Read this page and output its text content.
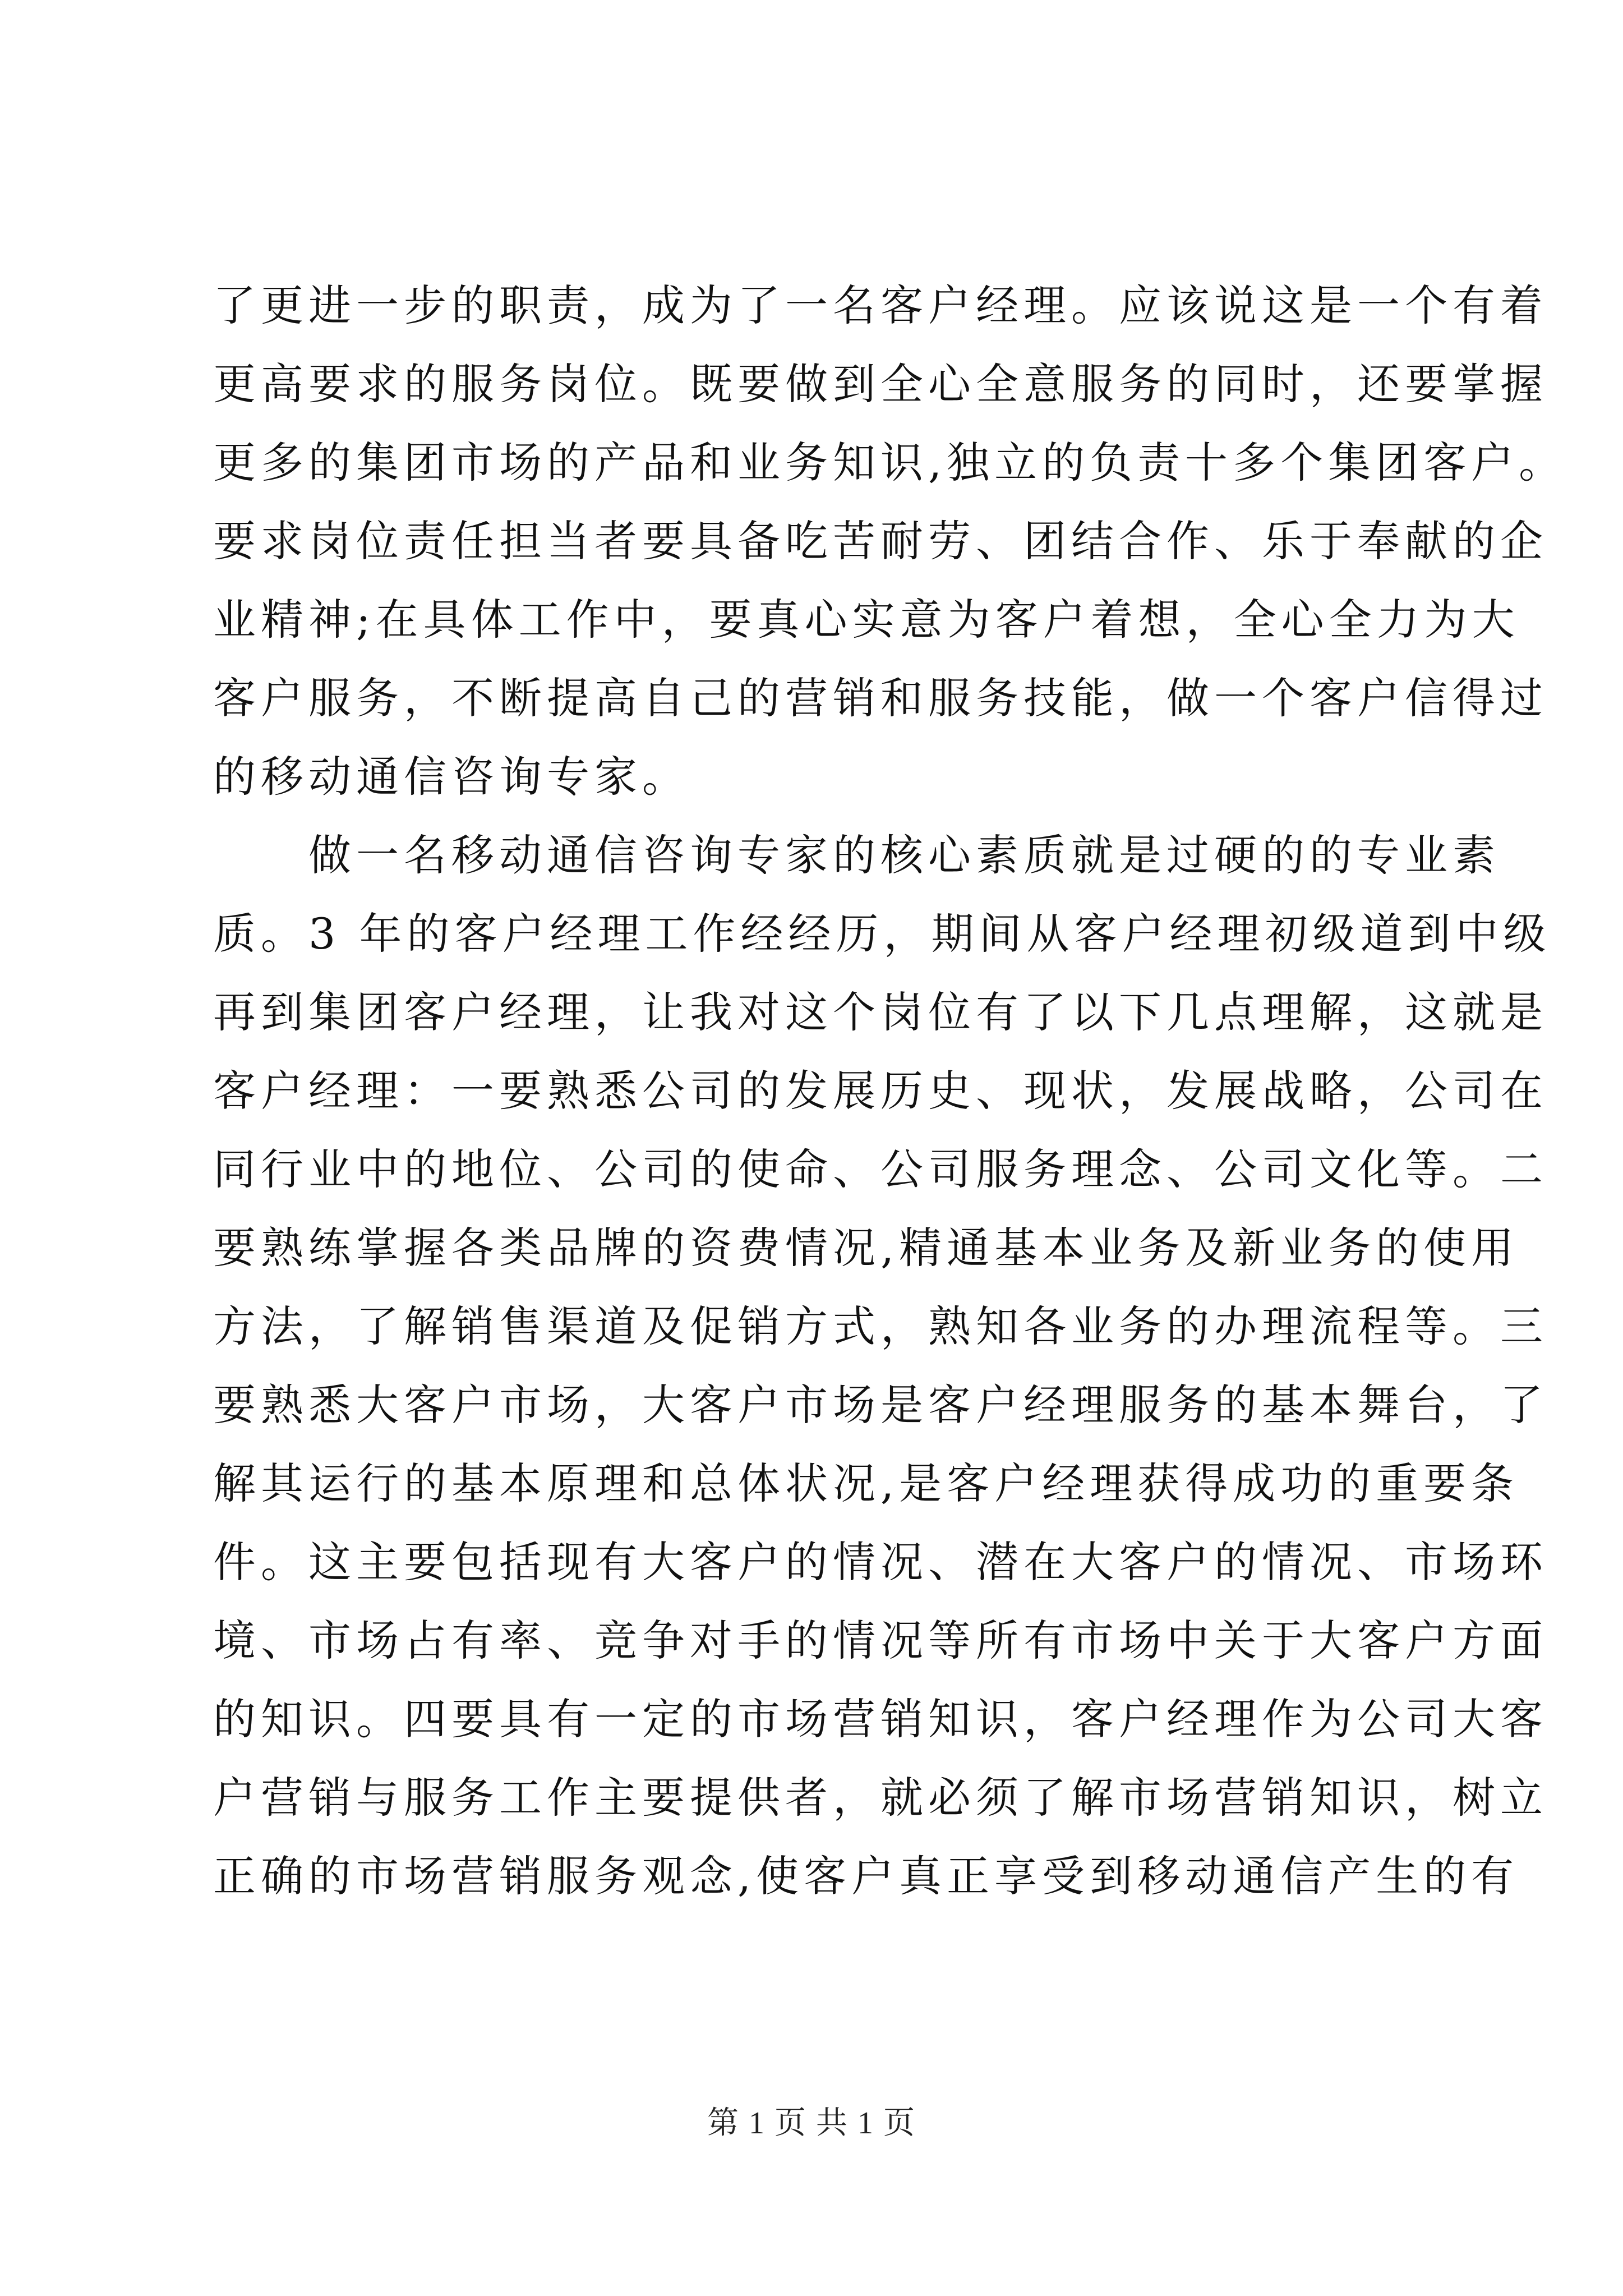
了更进一步的职责，成为了一名客户经理。应该说这是一个有着
更高要求的服务岗位。既要做到全心全意服务的同时，还要掌握
更多的集团市场的产品和业务知识,独立的负责十多个集团客户。
要求岗位责任担当者要具备吃苦耐劳、团结合作、乐于奉献的企
业精神;在具体工作中，要真心实意为客户着想，全心全力为大
客户服务，不断提高自己的营销和服务技能，做一个客户信得过
的移动通信咨询专家。
做一名移动通信咨询专家的核心素质就是过硬的的专业素
质。3 年的客户经理工作经经历，期间从客户经理初级道到中级
再到集团客户经理，让我对这个岗位有了以下几点理解，这就是
客户经理：一要熟悉公司的发展历史、现状，发展战略，公司在
同行业中的地位、公司的使命、公司服务理念、公司文化等。二
要熟练掌握各类品牌的资费情况,精通基本业务及新业务的使用
方法，了解销售渠道及促销方式，熟知各业务的办理流程等。三
要熟悉大客户市场，大客户市场是客户经理服务的基本舞台，了
解其运行的基本原理和总体状况,是客户经理获得成功的重要条
件。这主要包括现有大客户的情况、潜在大客户的情况、市场环
境、市场占有率、竞争对手的情况等所有市场中关于大客户方面
的知识。四要具有一定的市场营销知识，客户经理作为公司大客
户营销与服务工作主要提供者，就必须了解市场营销知识，树立
正确的市场营销服务观念,使客户真正享受到移动通信产生的有
第 1 页 共 1 页
